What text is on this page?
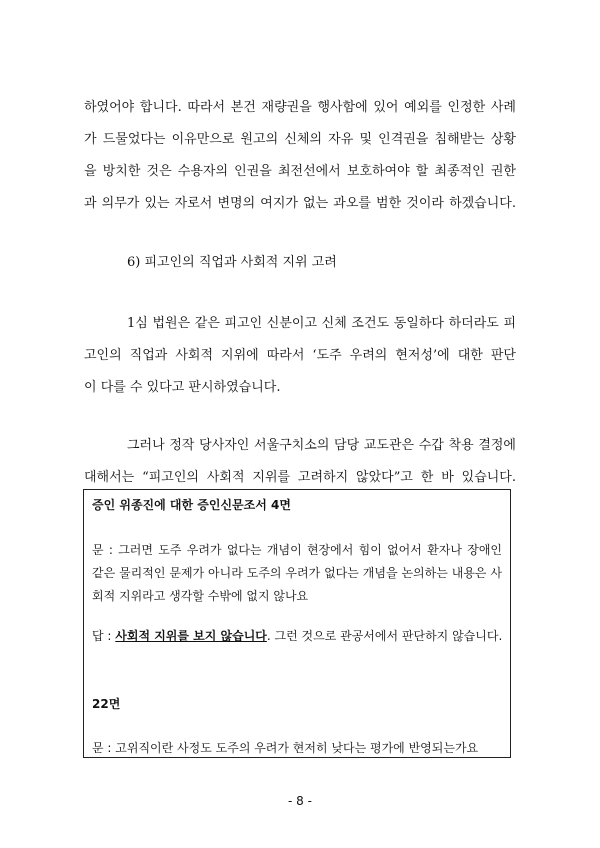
하였어야 합니다. 따라서 본건 재량권을 행사함에 있어 예외를 인정한 사례
가 드물었다는 이유만으로 원고의 신체의 자유 및 인격권을 침해받는 상황
을 방치한 것은 수용자의 인권을 최전선에서 보호하여야 할 최종적인 권한
과 의무가 있는 자로서 변명의 여지가 없는 과오를 범한 것이라 하겠습니다.
6) 피고인의 직업과 사회적 지위 고려
1심 법원은 같은 피고인 신분이고 신체 조건도 동일하다 하더라도 피
고인의 직업과 사회적 지위에 따라서 ‘도주 우려의 현저성’에 대한 판단
이 다를 수 있다고 판시하였습니다.
그러나 정작 당사자인 서울구치소의 담당 교도관은 수갑 착용 결정에
대해서는 “피고인의 사회적 지위를 고려하지 않았다”고 한 바 있습니다.
증인 위종진에 대한 증인신문조서 4면
문 : 그러면 도주 우려가 없다는 개념이 현장에서 힘이 없어서 환자나 장애인
같은 물리적인 문제가 아니라 도주의 우려가 없다는 개념을 논의하는 내용은 사
회적 지위라고 생각할 수밖에 없지 않나요
답 : 사회적 지위를 보지 않습니다. 그런 것으로 관공서에서 판단하지 않습니다.
22면
문 : 고위직이란 사정도 도주의 우려가 현저히 낮다는 평가에 반영되는가요
- 8 -
